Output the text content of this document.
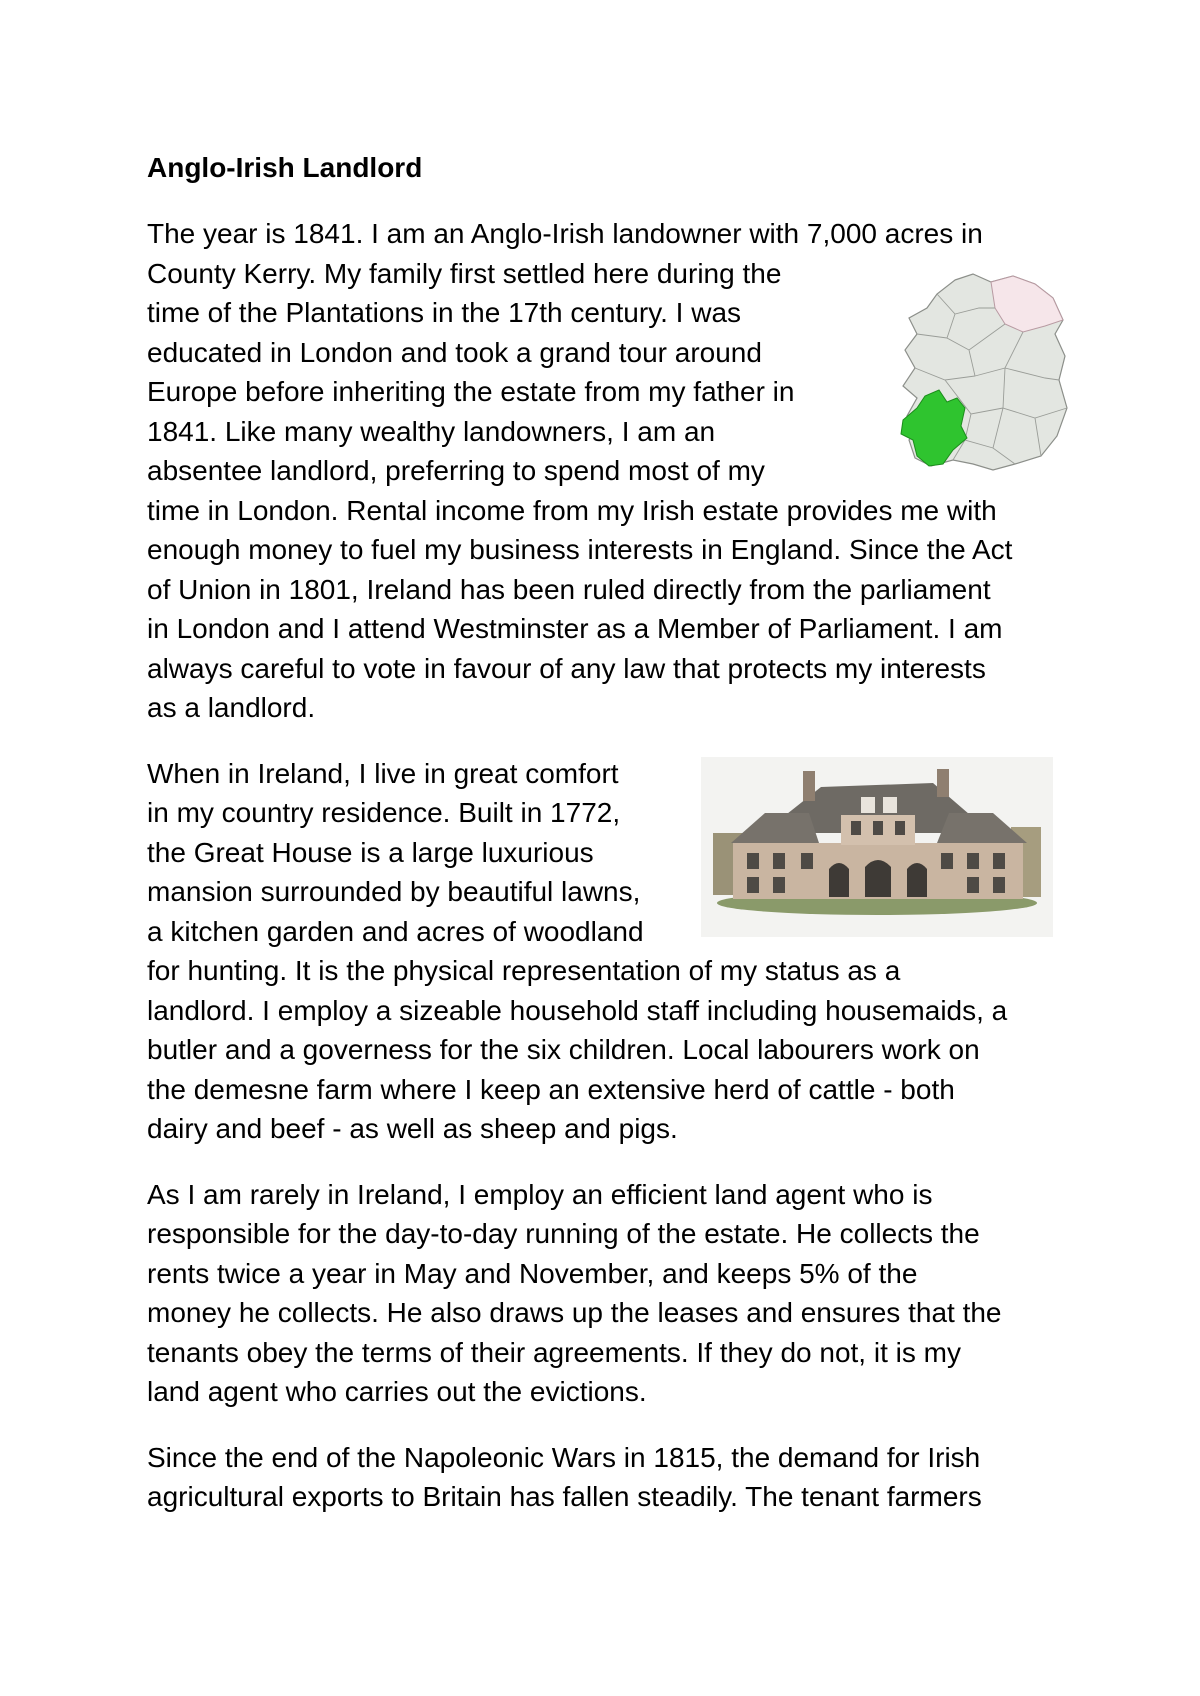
Anglo-Irish Landlord
The year is 1841. I am an Anglo-Irish landowner with 7,000 acres in
County Kerry. My family first settled here during the
time of the Plantations in the 17th century. I was
educated in London and took a grand tour around
Europe before inheriting the estate from my father in
1841. Like many wealthy landowners, I am an
absentee landlord, preferring to spend most of my
time in London. Rental income from my Irish estate provides me with
enough money to fuel my business interests in England. Since the Act
of Union in 1801, Ireland has been ruled directly from the parliament
in London and I attend Westminster as a Member of Parliament. I am
always careful to vote in favour of any law that protects my interests
as a landlord.
When in Ireland, I live in great comfort
in my country residence. Built in 1772,
the Great House is a large luxurious
mansion surrounded by beautiful lawns,
a kitchen garden and acres of woodland
for hunting. It is the physical representation of my status as a
landlord. I employ a sizeable household staff including housemaids, a
butler and a governess for the six children. Local labourers work on
the demesne farm where I keep an extensive herd of cattle - both
dairy and beef - as well as sheep and pigs.
As I am rarely in Ireland, I employ an efficient land agent who is
responsible for the day-to-day running of the estate. He collects the
rents twice a year in May and November, and keeps 5% of the
money he collects. He also draws up the leases and ensures that the
tenants obey the terms of their agreements. If they do not, it is my
land agent who carries out the evictions.
Since the end of the Napoleonic Wars in 1815, the demand for Irish
agricultural exports to Britain has fallen steadily. The tenant farmers
